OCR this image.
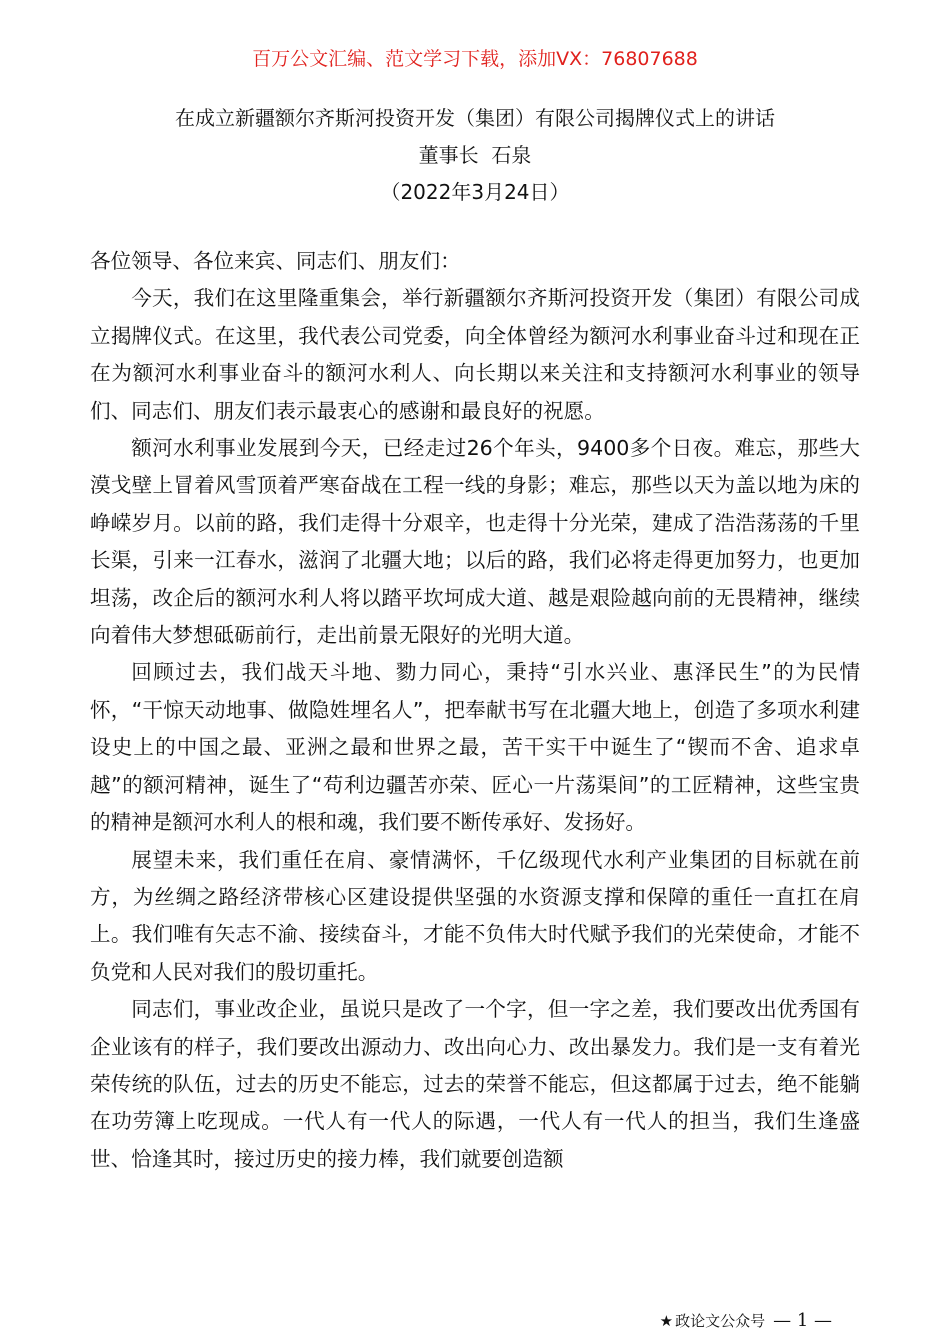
百万公文汇编、范文学习下载，添加VX：76807688
在成立新疆额尔齐斯河投资开发（集团）有限公司揭牌仪式上的讲话
董事长  石泉
（2022年3月24日）

各位领导、各位来宾、同志们、朋友们：

今天，我们在这里隆重集会，举行新疆额尔齐斯河投资开发（集团）有限公司成立揭牌仪式。在这里，我代表公司党委，向全体曾经为额河水利事业奋斗过和现在正在为额河水利事业奋斗的额河水利人、向长期以来关注和支持额河水利事业的领导们、同志们、朋友们表示最衷心的感谢和最良好的祝愿。

额河水利事业发展到今天，已经走过26个年头，9400多个日夜。难忘，那些大漠戈壁上冒着风雪顶着严寒奋战在工程一线的身影；难忘，那些以天为盖以地为床的峥嵘岁月。以前的路，我们走得十分艰辛，也走得十分光荣，建成了浩浩荡荡的千里长渠，引来一江春水，滋润了北疆大地；以后的路，我们必将走得更加努力，也更加坦荡，改企后的额河水利人将以踏平坎坷成大道、越是艰险越向前的无畏精神，继续向着伟大梦想砥砺前行，走出前景无限好的光明大道。

回顾过去，我们战天斗地、勠力同心，秉持“引水兴业、惠泽民生”的为民情怀，“干惊天动地事、做隐姓埋名人”，把奉献书写在北疆大地上，创造了多项水利建设史上的中国之最、亚洲之最和世界之最，苦干实干中诞生了“锲而不舍、追求卓越”的额河精神，诞生了“苟利边疆苦亦荣、匠心一片荡渠间”的工匠精神，这些宝贵的精神是额河水利人的根和魂，我们要不断传承好、发扬好。

展望未来，我们重任在肩、豪情满怀，千亿级现代水利产业集团的目标就在前方，为丝绸之路经济带核心区建设提供坚强的水资源支撑和保障的重任一直扛在肩上。我们唯有矢志不渝、接续奋斗，才能不负伟大时代赋予我们的光荣使命，才能不负党和人民对我们的殷切重托。

同志们，事业改企业，虽说只是改了一个字，但一字之差，我们要改出优秀国有企业该有的样子，我们要改出源动力、改出向心力、改出暴发力。我们是一支有着光荣传统的队伍，过去的历史不能忘，过去的荣誉不能忘，但这都属于过去，绝不能躺在功劳簿上吃现成。一代人有一代人的际遇，一代人有一代人的担当，我们生逢盛世、恰逢其时，接过历史的接力棒，我们就要创造额

★ 政论文公众号 — 1 —
